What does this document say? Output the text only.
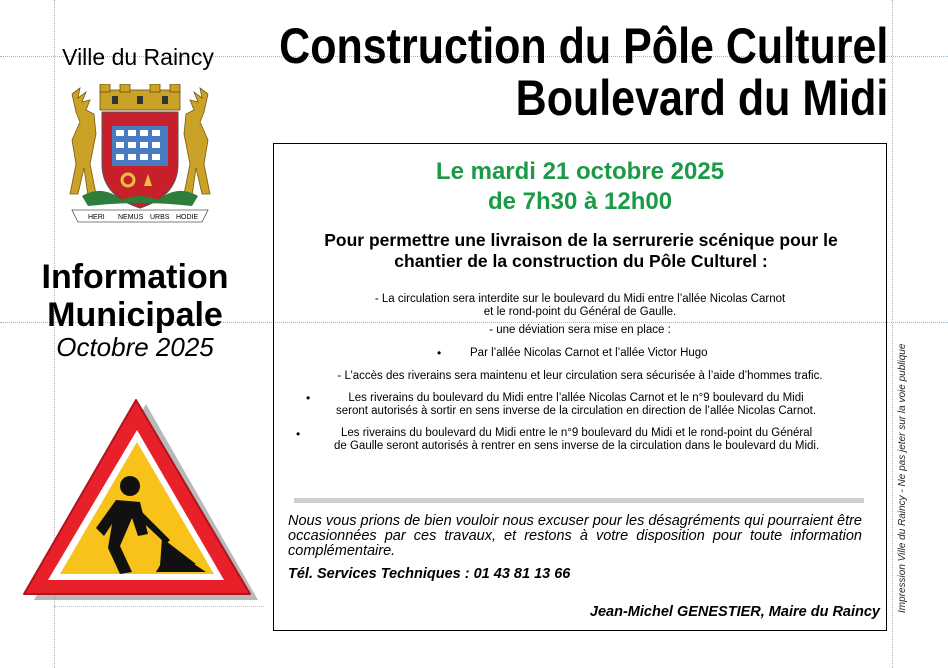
Ville du Raincy
HERI NEMUS URBS HODIE
Information
Municipale
Octobre 2025
Construction du Pôle Culturel
Boulevard du Midi
Le mardi 21 octobre 2025
de 7h30 à 12h00
Pour permettre une livraison de la serrurerie scénique pour le
chantier de la construction du Pôle Culturel :
- La circulation sera interdite sur le boulevard du Midi entre l’allée Nicolas Carnot
et le rond-point du Général de Gaulle.
- une déviation sera mise en place :
•	Par l’allée Nicolas Carnot et l’allée Victor Hugo
- L’accès des riverains sera maintenu et leur circulation sera sécurisée à l’aide d’hommes trafic.
•	Les riverains du boulevard du Midi entre l’allée Nicolas Carnot et le n°9 boulevard du Midi
seront autorisés à sortir en sens inverse de la circulation en direction de l’allée Nicolas Carnot.
•	Les riverains du boulevard du Midi entre le n°9 boulevard du Midi et le rond-point du Général
de Gaulle seront autorisés à rentrer en sens inverse de la circulation dans le boulevard du Midi.
Nous vous prions de bien vouloir nous excuser pour les désagréments qui pourraient être occasionnées par ces travaux, et restons à votre disposition pour toute information complémentaire.
Tél. Services Techniques : 01 43 81 13 66
Jean-Michel GENESTIER, Maire du Raincy Impression Ville du Raincy - Ne pas jeter sur la voie publique
